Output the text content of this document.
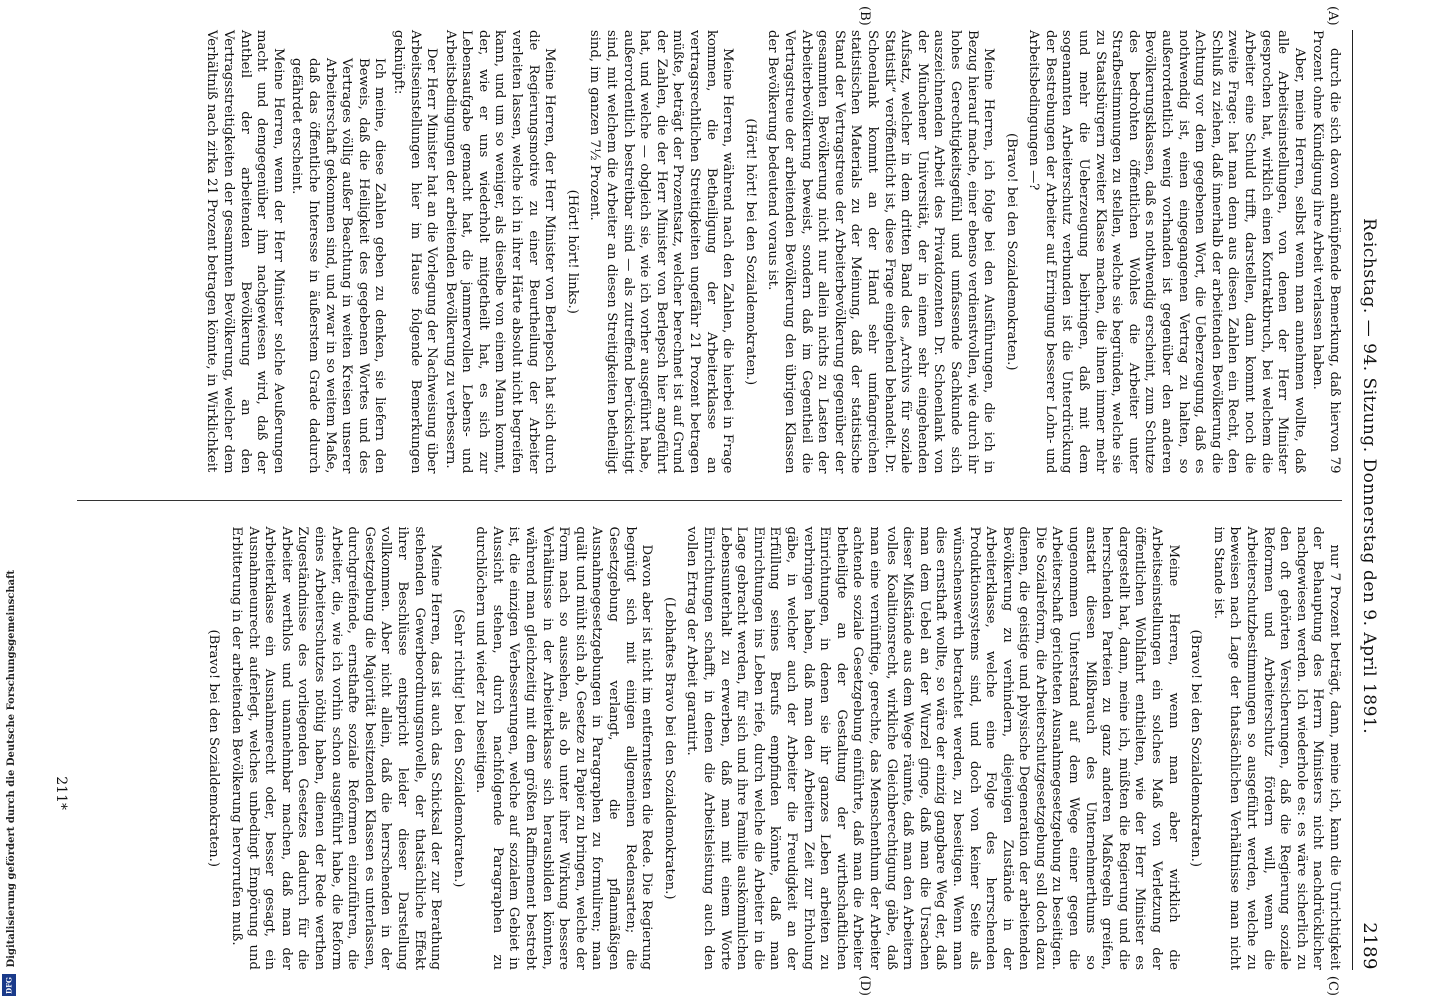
Reichstag. — 94. Sitzung. Donnerstag den 9. April 1891.
2189
(A)
(B)

durch die sich davon anknüpfende Bemerkung, daß hiervon 79 Prozent ohne Kündigung ihre Arbeit verlassen haben.

Aber, meine Herren, selbst wenn man annehmen wollte, daß alle Arbeitseinstellungen, von denen der Herr Minister gesprochen hat, wirklich einen Kontraktbruch, bei welchem die Arbeiter eine Schuld trifft, darstellen, dann kommt noch die zweite Frage: hat man denn aus diesen Zahlen ein Recht, den Schluß zu ziehen, daß innerhalb der arbeitenden Bevölkerung die Achtung vor dem gegebenen Wort, die Ueberzeugung, daß es nothwendig ist, einen eingegangenen Vertrag zu halten, so außerordentlich wenig vorhanden ist gegenüber den anderen Bevölkerungsklassen, daß es nothwendig erscheint, zum Schutze des bedrohten öffentlichen Wohles die Arbeiter unter Strafbestimmungen zu stellen, welche sie begründen, welche sie zu Staatsbürgern zweiter Klasse machen, die ihnen immer mehr und mehr die Ueberzeugung beibringen, daß mit dem sogenannten Arbeiterschutz verbunden ist die Unterdrückung der Bestrebungen der Arbeiter auf Erringung besserer Lohn- und Arbeitsbedingungen —?

(Bravo! bei den Sozialdemokraten.)

Meine Herren, ich folge bei den Ausführungen, die ich in Bezug hierauf mache, einer ebenso verdienstvollen, wie durch ihr hohes Gerechtigkeitsgefühl und umfassende Sachkunde sich auszeichnenden Arbeit des Privatdozenten Dr. Schoenlank von der Münchener Universität, der in einem sehr eingehenden Aufsatz, welcher in dem dritten Band des „Archivs für soziale Statistik“ veröffentlicht ist, diese Frage eingehend behandelt. Dr. Schoenlank kommt an der Hand sehr umfangreichen statistischen Materials zu der Meinung, daß der statistische Stand der Vertragstreue der Arbeiterbevölkerung gegenüber der gesammten Bevölkerung nicht nur allein nichts zu Lasten der Arbeiterbevölkerung beweist, sondern daß im Gegentheil die Vertragstreue der arbeitenden Bevölkerung den übrigen Klassen der Bevölkerung bedeutend voraus ist.

(Hört! hört! bei den Sozialdemokraten.)

Meine Herren, während nach den Zahlen, die hierbei in Frage kommen, die Betheiligung der Arbeiterklasse an vertragsrechtlichen Streitigkeiten ungefähr 21 Prozent betragen müßte, beträgt der Prozentsatz, welcher berechnet ist auf Grund der Zahlen, die der Herr Minister von Berlepsch hier angeführt hat, und welche — obgleich sie, wie ich vorher ausgeführt habe, außerordentlich bestreitbar sind — als zutreffend berücksichtigt sind, mit welchem die Arbeiter an diesen Streitigkeiten betheiligt sind, im ganzen 7½ Prozent.

(Hört! hört! links.)

Meine Herren, der Herr Minister von Berlepsch hat sich durch die Regierungsmotive zu einer Beurtheilung der Arbeiter verleiten lassen, welche ich in ihrer Härte absolut nicht begreifen kann, und um so weniger, als dieselbe von einem Mann kommt, der, wie er uns wiederholt mitgetheilt hat, es sich zur Lebensaufgabe gemacht hat, die jammervollen Lebens- und Arbeitsbedingungen der arbeitenden Bevölkerung zu verbessern.

Der Herr Minister hat an die Vorlegung der Nachweisung über Arbeitseinstellungen hier im Hause folgende Bemerkungen geknüpft:

Ich meine, diese Zahlen geben zu denken, sie liefern den Beweis, daß die Heiligkeit des gegebenen Wortes und des Vertrages völlig außer Beachtung in weiten Kreisen unserer Arbeiterschaft gekommen sind, und zwar in so weitem Maße, daß das öffentliche Interesse in äußerstem Grade dadurch gefährdet erscheint.

Meine Herren, wenn der Herr Minister solche Aeußerungen macht und demgegenüber ihm nachgewiesen wird, daß der Antheil der arbeitenden Bevölkerung an den Vertragsstreitigkeiten der gesammten Bevölkerung, welcher dem Verhältniß nach zirka 21 Prozent betragen könnte, in Wirklichkeit

(C)
(D)

nur 7 Prozent beträgt, dann, meine ich, kann die Unrichtigkeit der Behauptung des Herrn Ministers nicht nachdrücklicher nachgewiesen werden. Ich wiederhole es: es wäre sicherlich zu den oft gehörten Versicherungen, daß die Regierung soziale Reformen und Arbeiterschutz fördern will, wenn die Arbeiterschutzbestimmungen so ausgeführt werden, welche zu beweisen nach Lage der thatsächlichen Verhältnisse man nicht im Stande ist.

(Bravo! bei den Sozialdemokraten.)

Meine Herren, wenn man aber wirklich die Arbeitseinstellungen ein solches Maß von Verletzung der öffentlichen Wohlfahrt enthielten, wie der Herr Minister es dargestellt hat, dann, meine ich, müßten die Regierung und die herrschenden Parteien zu ganz anderen Maßregeln greifen, anstatt diesen Mißbrauch des Unternehmerthums so ungenommen Unterstand auf dem Wege einer gegen die Arbeiterschaft gerichteten Ausnahmegesetzgebung zu beseitigen. Die Sozialreform, die Arbeiterschutzgesetzgebung soll doch dazu dienen, die geistige und physische Degeneration der arbeitenden Bevölkerung zu verhindern, diejenigen Zustände in der Arbeiterklasse, welche eine Folge des herrschenden Produktionssystems sind, und doch von keiner Seite als wünschenswerth betrachtet werden, zu beseitigen. Wenn man dies ernsthaft wollte, so wäre der einzig gangbare Weg der, daß man dem Uebel an der Wurzel ginge, daß man die Ursachen dieser Mißstände aus dem Wege räumte, daß man den Arbeitern volles Koalitionsrecht, wirkliche Gleichberechtigung gäbe, daß man eine vernünftige, gerechte, das Menschenthum der Arbeiter achtende soziale Gesetzgebung einführte, daß man die Arbeiter betheiligte an der Gestaltung der wirthschaftlichen Einrichtungen, in denen sie ihr ganzes Leben arbeiten zu verbringen haben, daß man den Arbeitern Zeit zur Erholung gäbe, in welcher auch der Arbeiter die Freudigkeit an der Erfüllung seines Berufs empfinden könnte, daß man Einrichtungen ins Leben riefe, durch welche die Arbeiter in die Lage gebracht werden, für sich und ihre Familie auskömmlichen Lebensunterhalt zu erwerben, daß man mit einem Worte Einrichtungen schafft, in denen die Arbeitsleistung auch den vollen Ertrag der Arbeit garantirt.

(Lebhaftes Bravo bei den Sozialdemokraten.)

Davon aber ist nicht im entferntesten die Rede. Die Regierung begnügt sich mit einigen allgemeinen Redensarten; die Gesetzgebung verlangt, die pflanmäßigen Ausnahmegesetzgebungen in Paragraphen zu formuliren; man quält und müht sich ab, Gesetze zu Papier zu bringen, welche der Form nach so aussehen, als ob unter ihrer Wirkung bessere Verhältnisse in der Arbeiterklasse sich herausbilden könnten, während man gleichzeitig mit dem größten Raffinement bestrebt ist, die einzigen Verbesserungen, welche auf sozialem Gebiet in Aussicht stehen, durch nachfolgende Paragraphen zu durchlöchern und wieder zu beseitigen.

(Sehr richtig! bei den Sozialdemokraten.)

Meine Herren, das ist auch das Schicksal der zur Berathung stehenden Gewerbeordnungsnovelle, der thatsächliche Effekt ihrer Beschlüsse entspricht leider dieser Darstellung vollkommen. Aber nicht allein, daß die herrschenden in der Gesetzgebung die Majorität besitzenden Klassen es unterlassen, durchgreifende, ernsthafte soziale Reformen einzuführen, die Arbeiter, die, wie ich vorhin schon ausgeführt habe, die Reform eines Arbeiterschutzes nöthig haben, dienen der Rede werthen Zugeständnisse des vorliegenden Gesetzes dadurch für die Arbeiter werthlos und unannehmbar machen, daß man der Arbeiterklasse ein Ausnahmerecht oder, besser gesagt, ein Ausnahmeunrecht auferlegt, welches unbedingt Empörung und Erbitterung in der arbeitenden Bevölkerung hervorrufen muß.

(Bravo! bei den Sozialdemokraten.)

211*
Digitalisierung gefördert durch die Deutsche Forschungsgemeinschaft
DFG
